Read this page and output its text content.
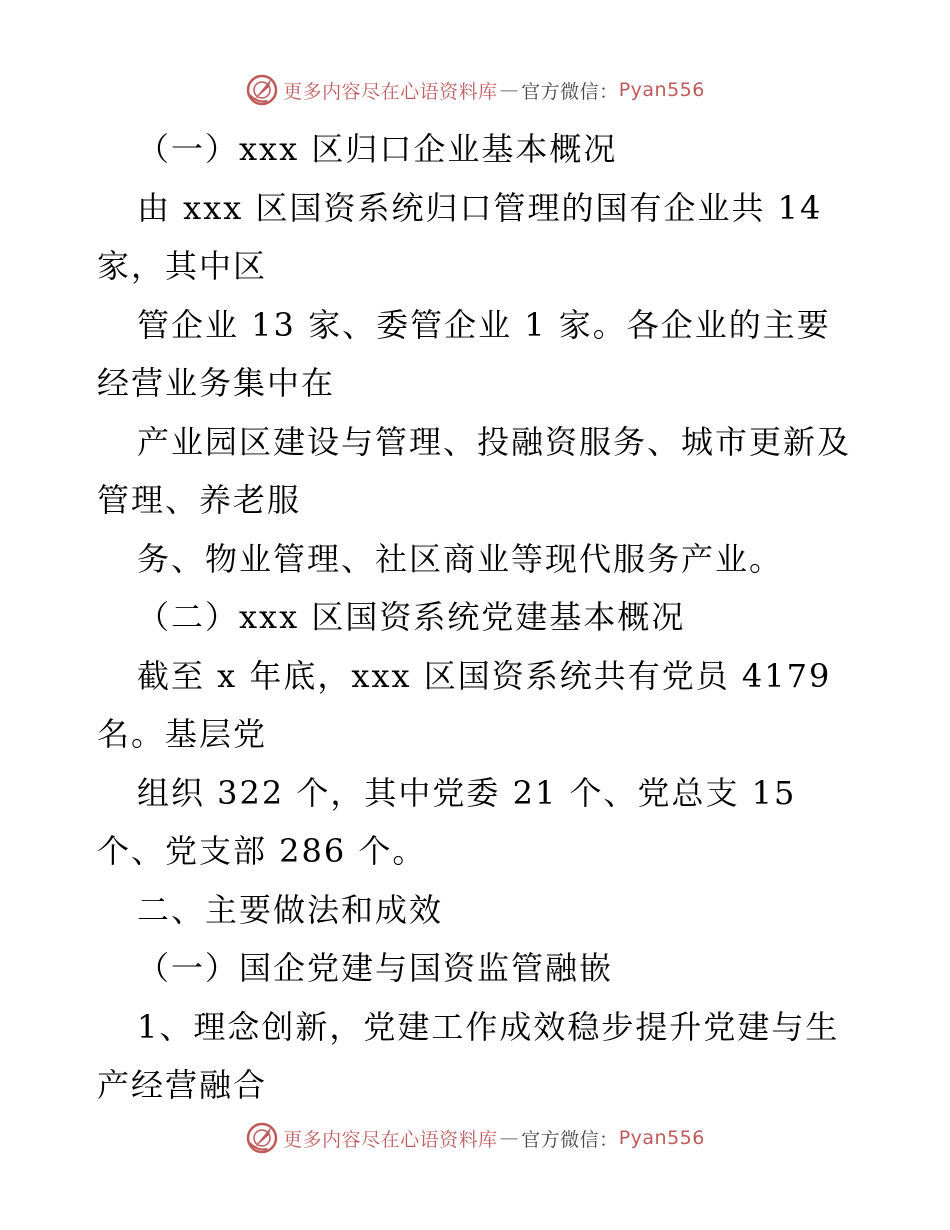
更多内容尽在心语资料库 — 官方微信： Pyan556
（一）xxx 区归口企业基本概况
由 xxx 区国资系统归口管理的国有企业共 14
家，其中区
管企业 13 家、委管企业 1 家。各企业的主要
经营业务集中在
产业园区建设与管理、投融资服务、城市更新及
管理、养老服
务、物业管理、社区商业等现代服务产业。
（二）xxx 区国资系统党建基本概况
截至 x 年底，xxx 区国资系统共有党员 4179
名。基层党
组织 322 个，其中党委 21 个、党总支 15
个、党支部 286 个。
二、主要做法和成效
（一）国企党建与国资监管融嵌
1、理念创新，党建工作成效稳步提升党建与生
产经营融合
更多内容尽在心语资料库 — 官方微信： Pyan556
